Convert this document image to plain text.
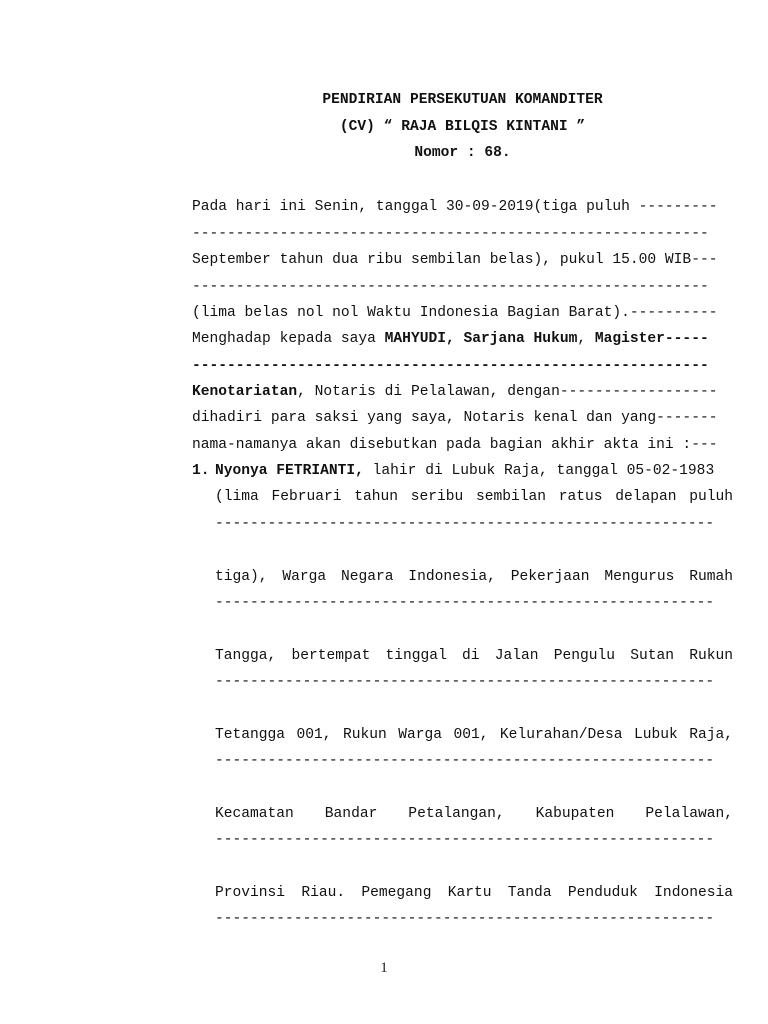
PENDIRIAN PERSEKUTUAN KOMANDITER
(CV) “ RAJA BILQIS KINTANI ”
Nomor : 68.
Pada hari ini Senin, tanggal 30-09-2019(tiga puluh ---------
-----------------------------------------------------------
September tahun dua ribu sembilan belas), pukul 15.00 WIB---
-----------------------------------------------------------
(lima belas nol nol Waktu Indonesia Bagian Barat).----------
Menghadap kepada saya MAHYUDI, Sarjana Hukum, Magister-----
-----------------------------------------------------------
Kenotariatan, Notaris di Pelalawan, dengan------------------
dihadiri para saksi yang saya, Notaris kenal dan yang-------
nama-namanya akan disebutkan pada bagian akhir akta ini :---
1. Nyonya FETRIANTI, lahir di Lubuk Raja, tanggal 05-02-1983
(lima Februari tahun seribu sembilan ratus delapan puluh
---------------------------------------------------------
tiga), Warga Negara Indonesia, Pekerjaan Mengurus Rumah
---------------------------------------------------------
Tangga, bertempat tinggal di Jalan Pengulu Sutan Rukun
---------------------------------------------------------
Tetangga 001, Rukun Warga 001, Kelurahan/Desa Lubuk Raja,
---------------------------------------------------------
Kecamatan Bandar Petalangan, Kabupaten Pelalawan,
---------------------------------------------------------
Provinsi Riau. Pemegang Kartu Tanda Penduduk Indonesia
---------------------------------------------------------
1
